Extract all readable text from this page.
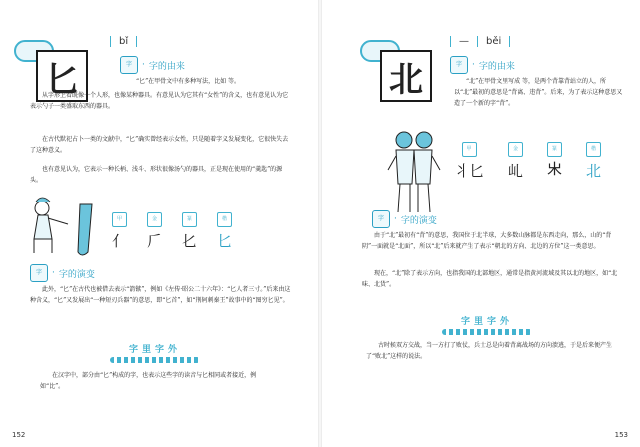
匕
bǐ
字	· 字的由来
“匕”在甲骨文中有多种写法，比如 等。
从字形上看既像一个人形，也像某种器具。有意见认为它其有“女性”的含义，也有意见认为它表示勺子一类盛取东西的器具。
在古代默祀占卜一类的文献中，“匕”确实曾经表示女性，只是随着字义发展变化，它很快失去了这种意义。
也有意见认为，它表示一种长柄、浅斗、形状很像汤勺的器具，正是现在使用的“羹匙”的源头。
甲
亻
金
𠂆
篆
𠤎
楷
匕
字	· 字的演变
此外，“匕”在古代也被借去表示“箭镞”，例如《左传·昭公二十六年》：“匕人者三寸。”后来由这种含义，“匕”又发展出“一种短刃兵器”的意思，即“匕首”，如“荆轲刺秦王”故事中的“图穷匕见”。
字里字外
在汉字中，部分由“匕”构成的字，也表示这些字的读音与匕相同或者接近，例如“比”。
152
北
— běi
字	· 字的由来
“北”在甲骨文里写成 等，是两个背靠背站立的人，所以“北”最初的意思是“背离、违背”。后来，为了表示这种意思又造了一个新的字“背”。
甲
丬匕
金
乢
篆
𣎵
楷
北
字	· 字的演变
由于“北”最初有“背”的意思，我国位于北半球，大多数山脉都是东西走向，那么，山的“背阴”一面就是“北面”，所以“北”后来就产生了表示“朝北的方向、北边的方位”这一类意思。
现在，“北”除了表示方向，也指我国的北部地区，通常是指黄河流域及其以北的地区，如“北味、北货”。
字里字外
古时候双方交战，当一方打了败仗，兵士总是向着背离战场的方向溃逃，于是后来便产生了“败北”这样的说法。
153
